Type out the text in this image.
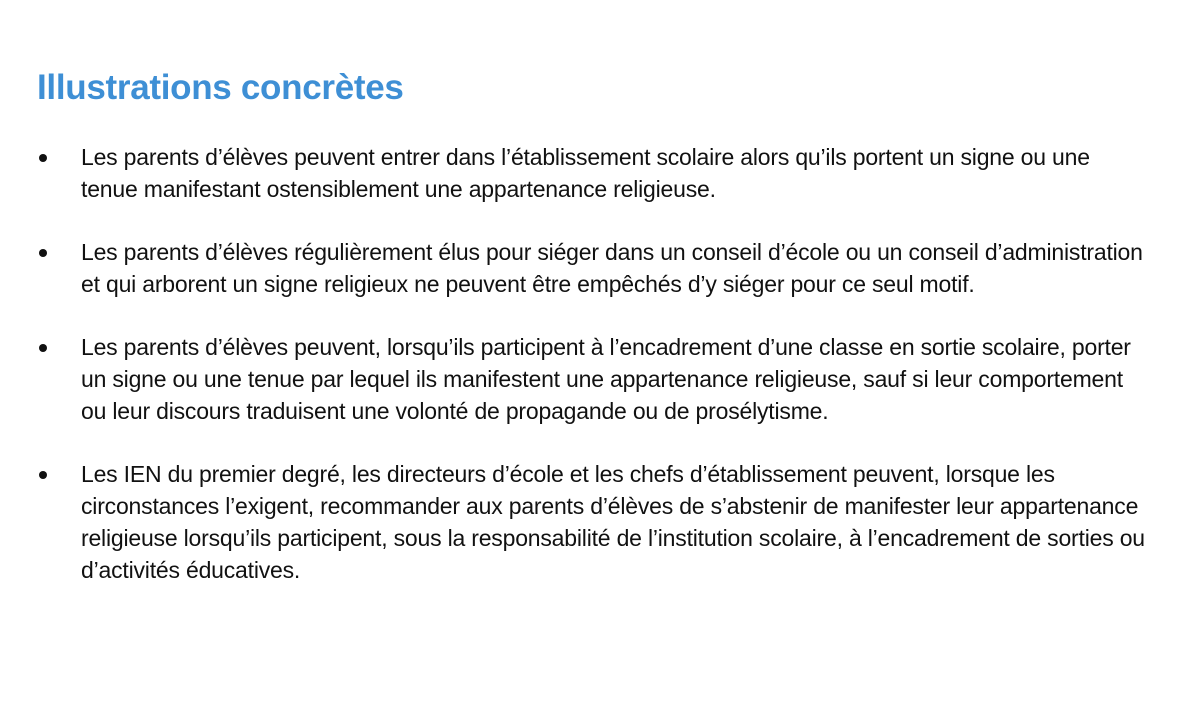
Illustrations concrètes
Les parents d’élèves peuvent entrer dans l’établissement scolaire alors qu’ils portent un signe ou une tenue manifestant ostensiblement une appartenance religieuse.
Les parents d’élèves régulièrement élus pour siéger dans un conseil d’école ou un conseil d’administration et qui arborent un signe religieux ne peuvent être empêchés d’y siéger pour ce seul motif.
Les parents d’élèves peuvent, lorsqu’ils participent à l’encadrement d’une classe en sortie scolaire, porter un signe ou une tenue par lequel ils manifestent une appartenance religieuse, sauf si leur comportement ou leur discours traduisent une volonté de propagande ou de prosélytisme.
Les IEN du premier degré, les directeurs d’école et les chefs d’établissement peuvent, lorsque les circonstances l’exigent, recommander aux parents d’élèves de s’abstenir de manifester leur appartenance religieuse lorsqu’ils participent, sous la responsabilité de l’institution scolaire, à l’encadrement de sorties ou d’activités éducatives.
